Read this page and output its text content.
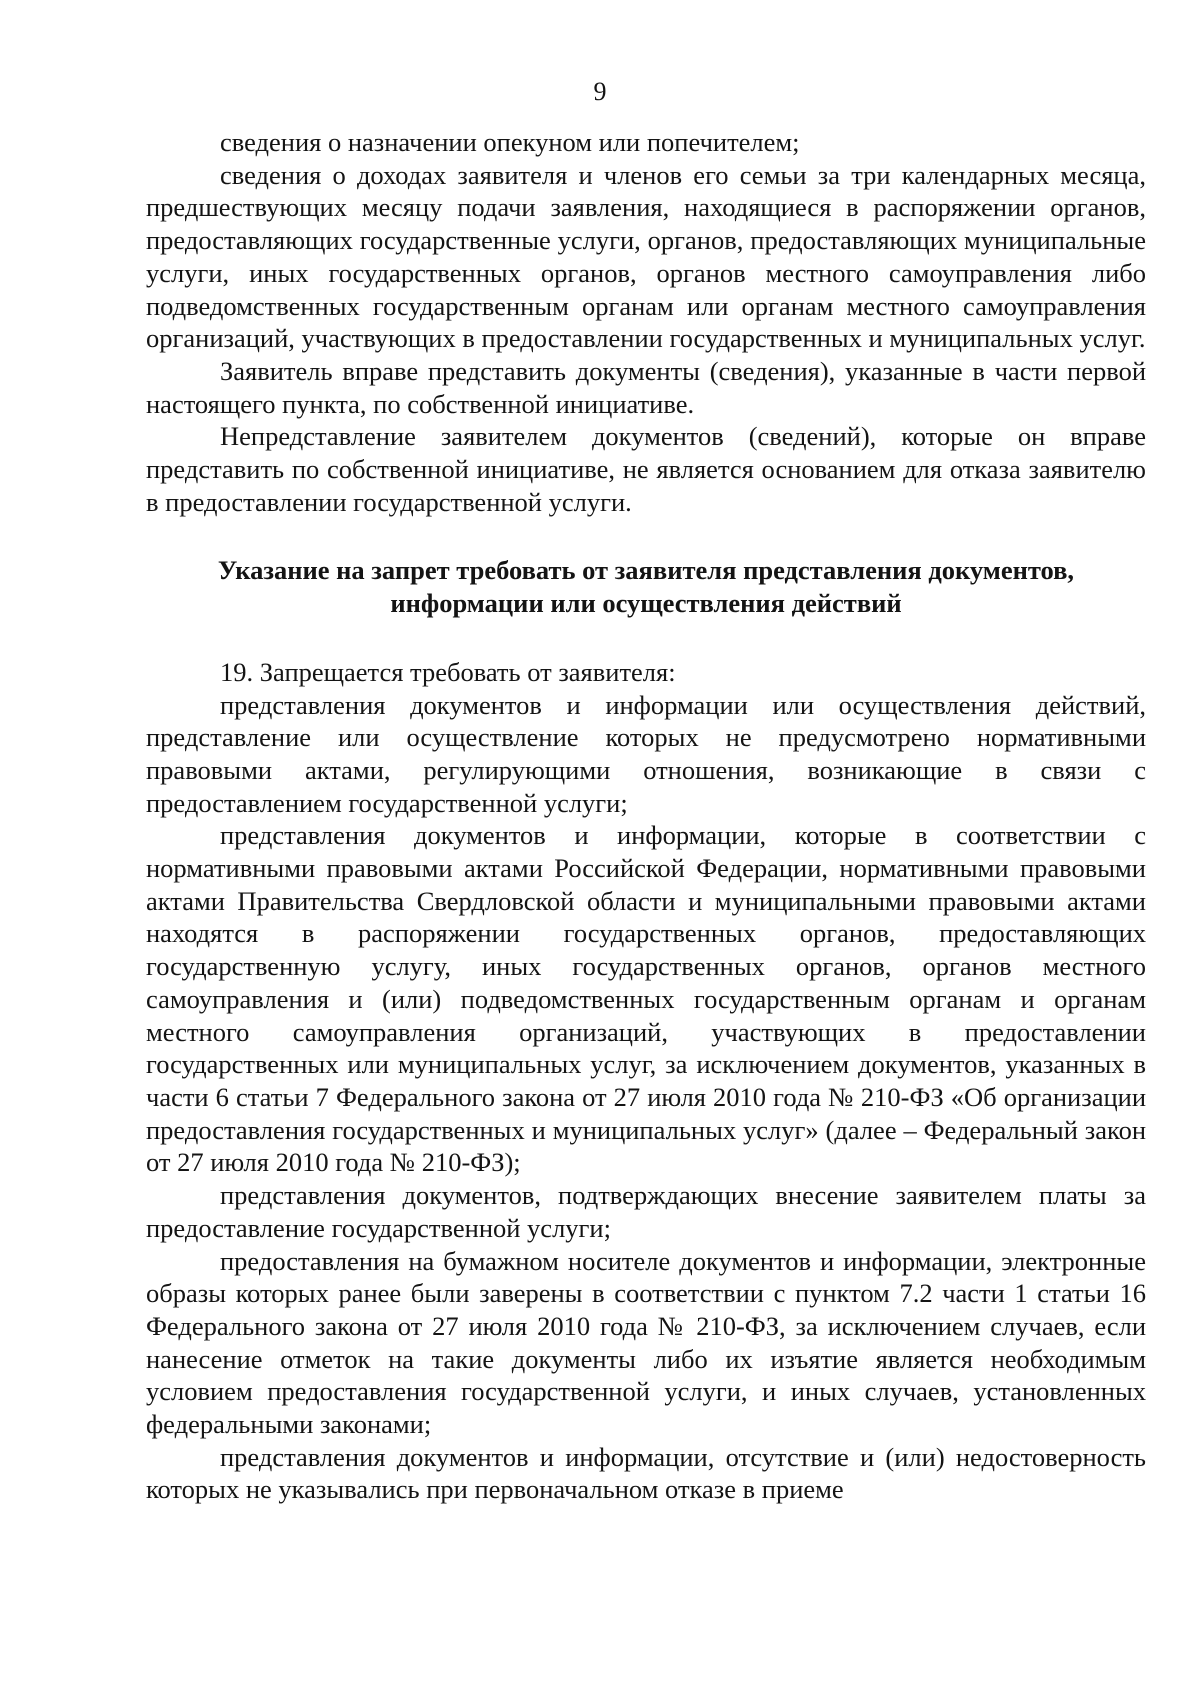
9

сведения о назначении опекуном или попечителем;

сведения о доходах заявителя и членов его семьи за три календарных месяца, предшествующих месяцу подачи заявления, находящиеся в распоряжении органов, предоставляющих государственные услуги, органов, предоставляющих муниципальные услуги, иных государственных органов, органов местного самоуправления либо подведомственных государственным органам или органам местного самоуправления организаций, участвующих в предоставлении государственных и муниципальных услуг.

Заявитель вправе представить документы (сведения), указанные в части первой настоящего пункта, по собственной инициативе.

Непредставление заявителем документов (сведений), которые он вправе представить по собственной инициативе, не является основанием для отказа заявителю в предоставлении государственной услуги.

Указание на запрет требовать от заявителя представления документов,
информации или осуществления действий

19. Запрещается требовать от заявителя:

представления документов и информации или осуществления действий, представление или осуществление которых не предусмотрено нормативными правовыми актами, регулирующими отношения, возникающие в связи с предоставлением государственной услуги;

представления документов и информации, которые в соответствии с нормативными правовыми актами Российской Федерации, нормативными правовыми актами Правительства Свердловской области и муниципальными правовыми актами находятся в распоряжении государственных органов, предоставляющих государственную услугу, иных государственных органов, органов местного самоуправления и (или) подведомственных государственным органам и органам местного самоуправления организаций, участвующих в предоставлении государственных или муниципальных услуг, за исключением документов, указанных в части 6 статьи 7 Федерального закона от 27 июля 2010 года № 210-ФЗ «Об организации предоставления государственных и муниципальных услуг» (далее – Федеральный закон от 27 июля 2010 года № 210-ФЗ);

представления документов, подтверждающих внесение заявителем платы за предоставление государственной услуги;

предоставления на бумажном носителе документов и информации, электронные образы которых ранее были заверены в соответствии с пунктом 7.2 части 1 статьи 16 Федерального закона от 27 июля 2010 года № 210-ФЗ, за исключением случаев, если нанесение отметок на такие документы либо их изъятие является необходимым условием предоставления государственной услуги, и иных случаев, установленных федеральными законами;

представления документов и информации, отсутствие и (или) недостоверность которых не указывались при первоначальном отказе в приеме
